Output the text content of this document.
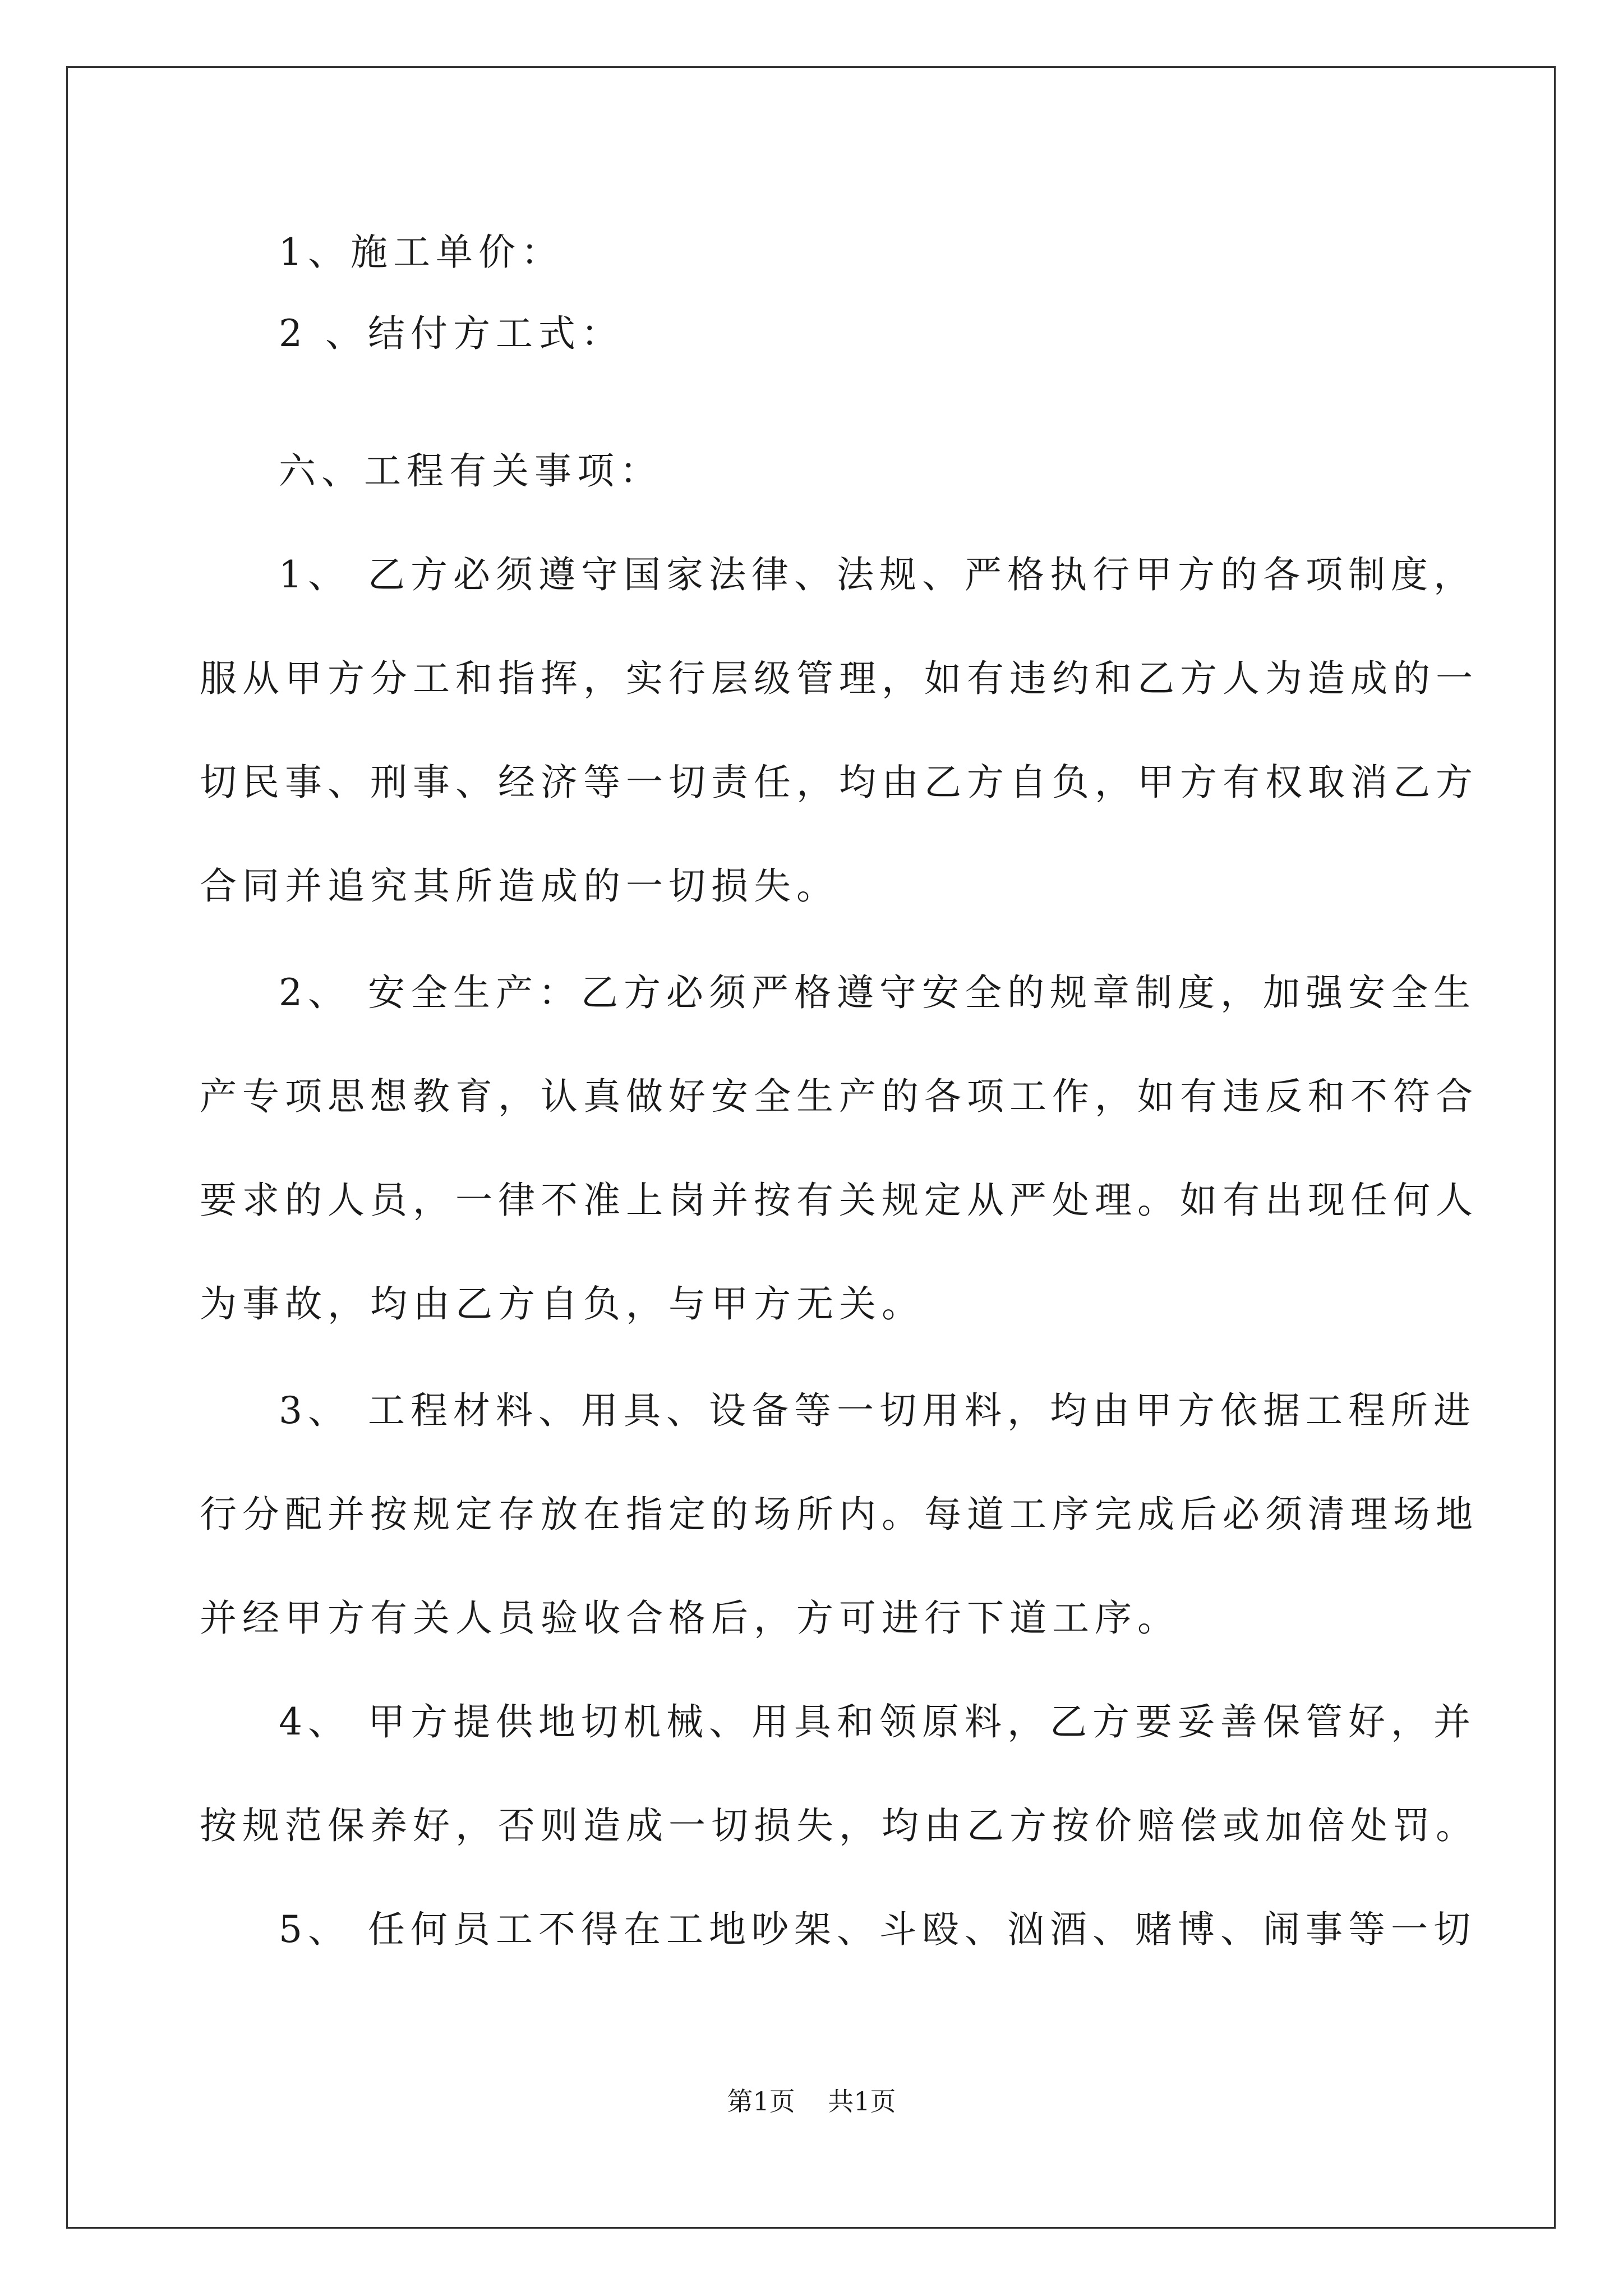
1、施工单价：
2 、结付方工式：
六、工程有关事项：
1、 乙方必须遵守国家法律、法规、严格执行甲方的各项制度，
服从甲方分工和指挥，实行层级管理，如有违约和乙方人为造成的一
切民事、刑事、经济等一切责任，均由乙方自负，甲方有权取消乙方
合同并追究其所造成的一切损失。
2、 安全生产：乙方必须严格遵守安全的规章制度，加强安全生
产专项思想教育，认真做好安全生产的各项工作，如有违反和不符合
要求的人员，一律不准上岗并按有关规定从严处理。如有出现任何人
为事故，均由乙方自负，与甲方无关。
3、 工程材料、用具、设备等一切用料，均由甲方依据工程所进
行分配并按规定存放在指定的场所内。每道工序完成后必须清理场地
并经甲方有关人员验收合格后，方可进行下道工序。
4、 甲方提供地切机械、用具和领原料，乙方要妥善保管好，并
按规范保养好，否则造成一切损失，均由乙方按价赔偿或加倍处罚。
5、 任何员工不得在工地吵架、斗殴、汹酒、赌博、闹事等一切
第1页    共1页
